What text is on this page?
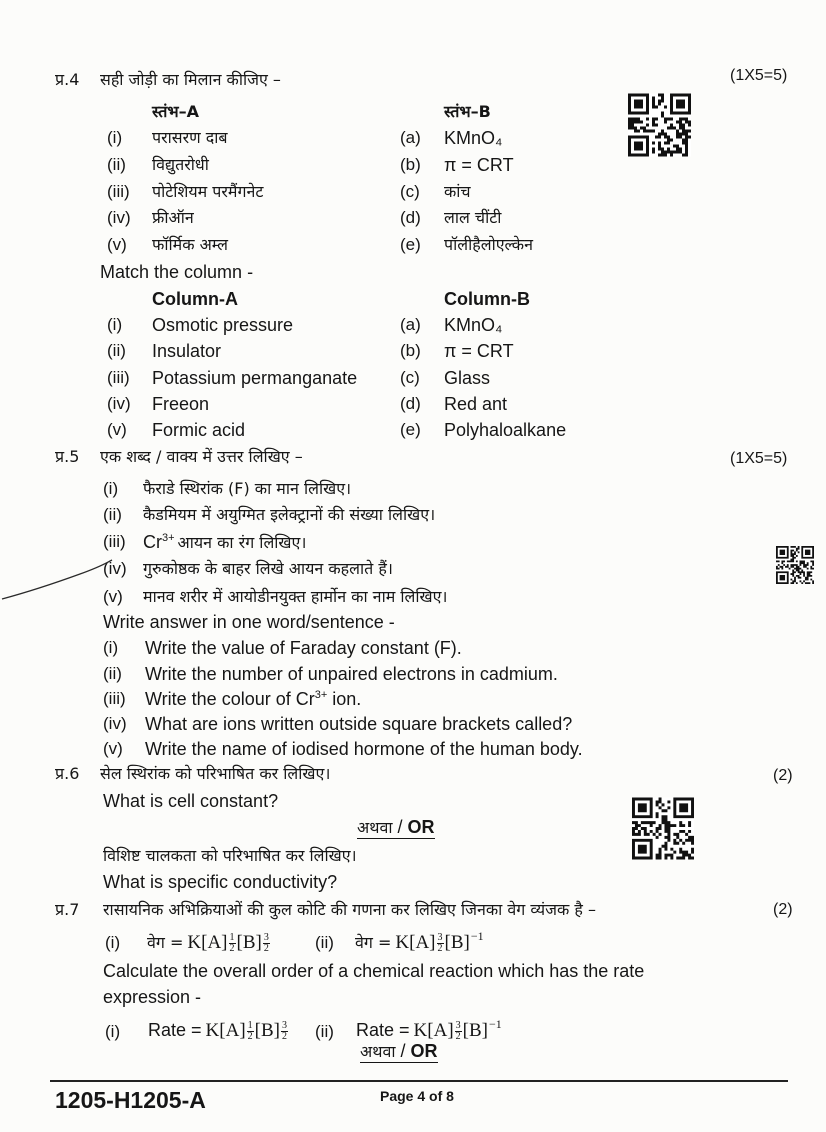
प्र.4 सही जोड़ी का मिलान कीजिए –	(1X5=5)
स्तंभ–A	स्तंभ–B
(i) परासरण दाब	(a) KMnO₄
(ii) विद्युतरोधी	(b) π = CRT
(iii) पोटेशियम परमैंगनेट	(c) कांच
(iv) फ्रीऑन	(d) लाल चींटी
(v) फॉर्मिक अम्ल	(e) पॉलीहैलोएल्केन
Match the column -
Column-A	Column-B
(i) Osmotic pressure	(a) KMnO₄
(ii) Insulator	(b) π = CRT
(iii) Potassium permanganate	(c) Glass
(iv) Freeon	(d) Red ant
(v) Formic acid	(e) Polyhaloalkane
प्र.5 एक शब्द / वाक्य में उत्तर लिखिए –	(1X5=5)
(i) फैराडे स्थिरांक (F) का मान लिखिए।
(ii) कैडमियम में अयुग्मित इलेक्ट्रानों की संख्या लिखिए।
(iii) $Cr^{3+}$ आयन का रंग लिखिए।
(iv) गुरुकोष्ठक के बाहर लिखे आयन कहलाते हैं।
(v) मानव शरीर में आयोडीनयुक्त हार्मोन का नाम लिखिए।
Write answer in one word/sentence -
(i) Write the value of Faraday constant (F).
(ii) Write the number of unpaired electrons in cadmium.
(iii) Write the colour of $Cr^{3+}$ ion.
(iv) What are ions written outside square brackets called?
(v) Write the name of iodised hormone of the human body.
प्र.6 सेल स्थिरांक को परिभाषित कर लिखिए।	(2)
What is cell constant?
अथवा / OR
विशिष्ट चालकता को परिभाषित कर लिखिए।
What is specific conductivity?
प्र.7 रासायनिक अभिक्रियाओं की कुल कोटि की गणना कर लिखिए जिनका वेग व्यंजक है –	(2)
(i) वेग = $K[A] \frac{1}{2} [B] \frac{3}{2}$	(ii) वेग = $K[A] \frac{3}{2} [B]^{-1}$
Calculate the overall order of a chemical reaction which has the rate
expression -
(i) Rate = $K[A] \frac{1}{2} [B] \frac{3}{2} (ii)$ Rate = $K[A] \frac{3}{2} [B]^{-1}$
अथवा / OR
1205-H1205-A	Page 4 of 8
